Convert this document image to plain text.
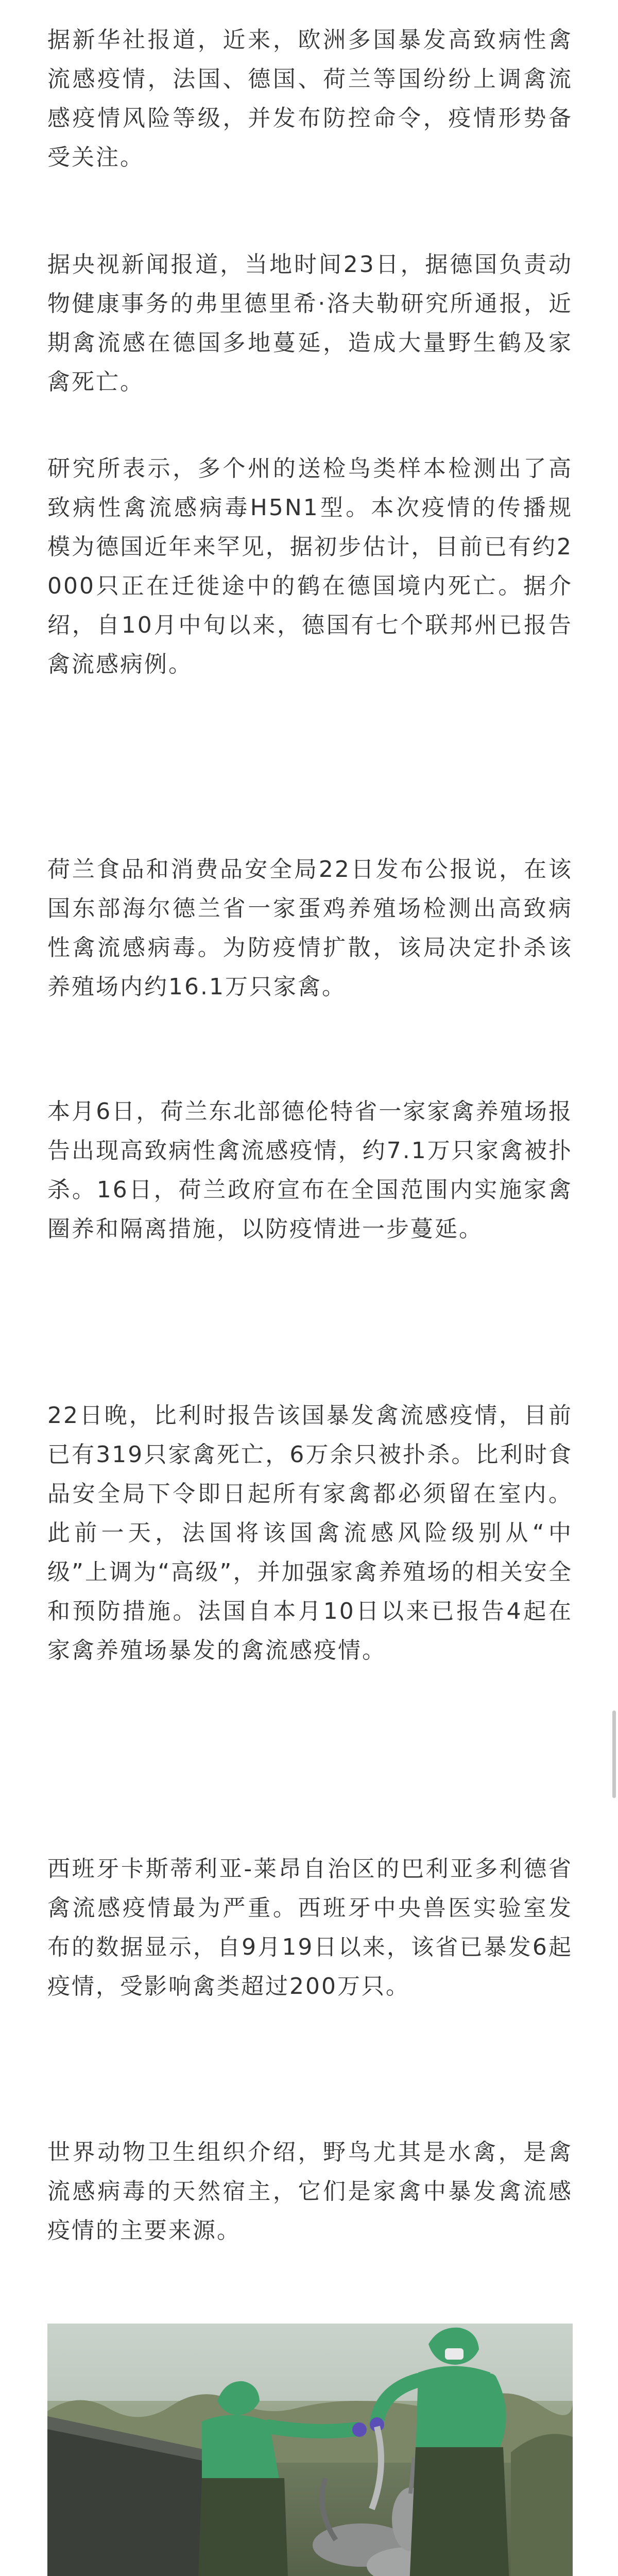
据新华社报道，近来，欧洲多国暴发高致病性禽流感疫情，法国、德国、荷兰等国纷纷上调禽流感疫情风险等级，并发布防控命令，疫情形势备受关注。

据央视新闻报道，当地时间23日，据德国负责动物健康事务的弗里德里希·洛夫勒研究所通报，近期禽流感在德国多地蔓延，造成大量野生鹤及家禽死亡。

研究所表示，多个州的送检鸟类样本检测出了高致病性禽流感病毒H5N1型。本次疫情的传播规模为德国近年来罕见，据初步估计，目前已有约2000只正在迁徙途中的鹤在德国境内死亡。据介绍，自10月中旬以来，德国有七个联邦州已报告禽流感病例。

荷兰食品和消费品安全局22日发布公报说，在该国东部海尔德兰省一家蛋鸡养殖场检测出高致病性禽流感病毒。为防疫情扩散，该局决定扑杀该养殖场内约16.1万只家禽。

本月6日，荷兰东北部德伦特省一家家禽养殖场报告出现高致病性禽流感疫情，约7.1万只家禽被扑杀。16日，荷兰政府宣布在全国范围内实施家禽圈养和隔离措施，以防疫情进一步蔓延。

22日晚，比利时报告该国暴发禽流感疫情，目前已有319只家禽死亡，6万余只被扑杀。比利时食品安全局下令即日起所有家禽都必须留在室内。此前一天，法国将该国禽流感风险级别从“中级”上调为“高级”，并加强家禽养殖场的相关安全和预防措施。法国自本月10日以来已报告4起在家禽养殖场暴发的禽流感疫情。

西班牙卡斯蒂利亚-莱昂自治区的巴利亚多利德省禽流感疫情最为严重。西班牙中央兽医实验室发布的数据显示，自9月19日以来，该省已暴发6起疫情，受影响禽类超过200万只。

世界动物卫生组织介绍，野鸟尤其是水禽，是禽流感病毒的天然宿主，它们是家禽中暴发禽流感疫情的主要来源。
